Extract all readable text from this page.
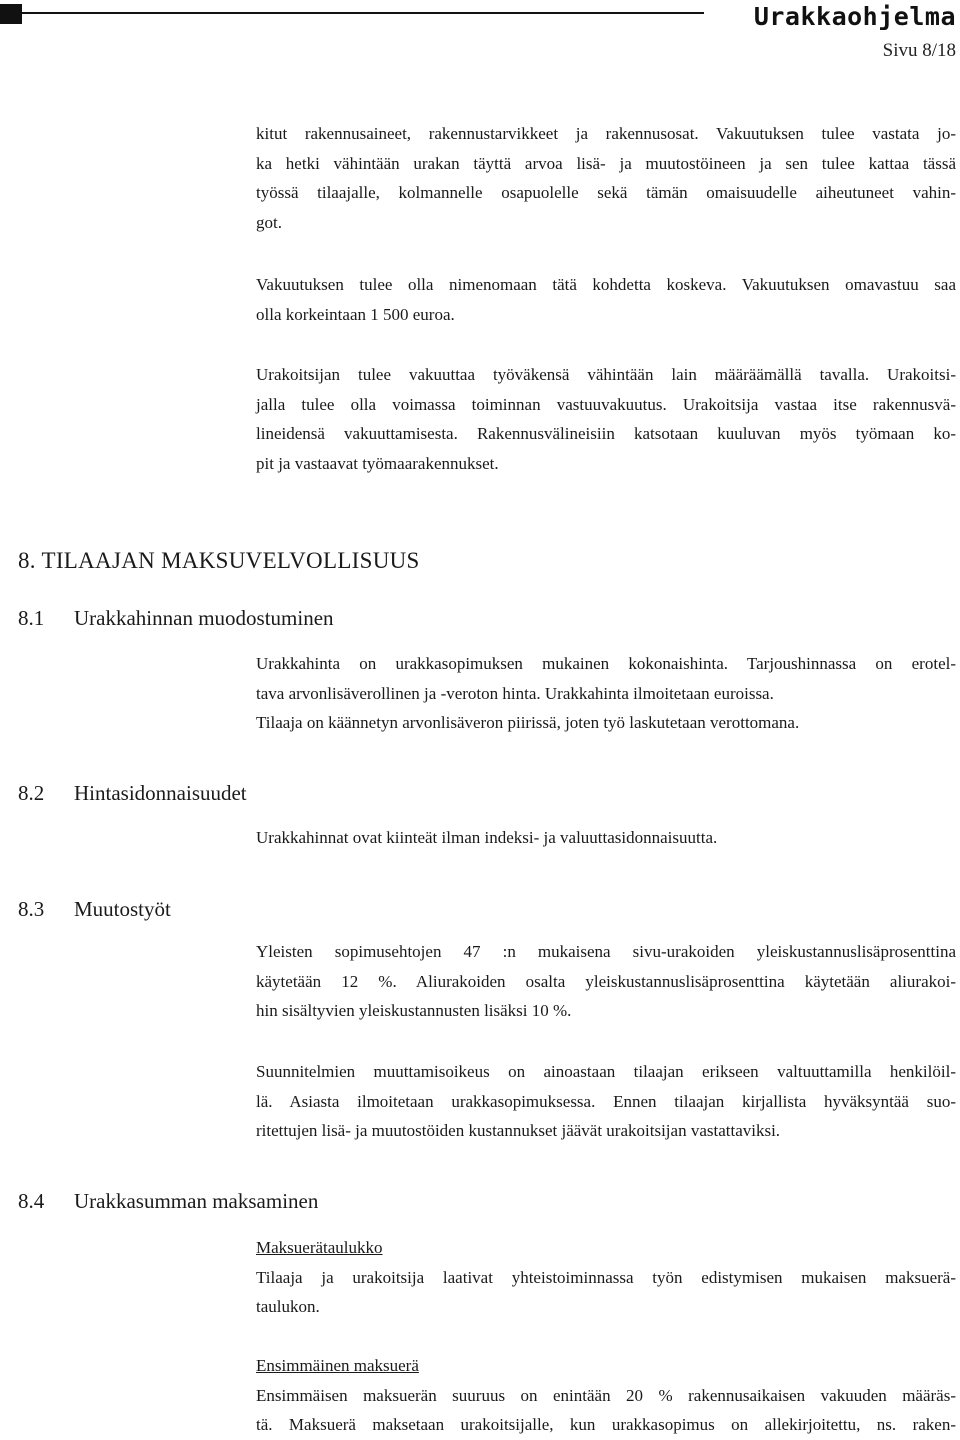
Urakkaohjelma
Sivu 8/18

kitut rakennusaineet, rakennustarvikkeet ja rakennusosat. Vakuutuksen tulee vastata jo-
ka hetki vähintään urakan täyttä arvoa lisä- ja muutostöineen ja sen tulee kattaa tässä
työssä tilaajalle, kolmannelle osapuolelle sekä tämän omaisuudelle aiheutuneet vahin-
got.

Vakuutuksen tulee olla nimenomaan tätä kohdetta koskeva. Vakuutuksen omavastuu saa
olla korkeintaan 1 500 euroa.

Urakoitsijan tulee vakuuttaa työväkensä vähintään lain määräämällä tavalla. Urakoitsi-
jalla tulee olla voimassa toiminnan vastuuvakuutus. Urakoitsija vastaa itse rakennusvä-
lineidensä vakuuttamisesta. Rakennusvälineisiin katsotaan kuuluvan myös työmaan ko-
pit ja vastaavat työmaarakennukset.

8. TILAAJAN MAKSUVELVOLLISUUS
8.1 Urakkahinnan muodostuminen

Urakkahinta on urakkasopimuksen mukainen kokonaishinta. Tarjoushinnassa on erotel-
tava arvonlisäverollinen ja -veroton hinta. Urakkahinta ilmoitetaan euroissa.
Tilaaja on käännetyn arvonlisäveron piirissä, joten työ laskutetaan verottomana.

8.2 Hintasidonnaisuudet

Urakkahinnat ovat kiinteät ilman indeksi- ja valuuttasidonnaisuutta.

8.3 Muutostyöt

Yleisten sopimusehtojen 47 :n mukaisena sivu-urakoiden yleiskustannuslisäprosenttina
käytetään 12 %. Aliurakoiden osalta yleiskustannuslisäprosenttina käytetään aliurakoi-
hin sisältyvien yleiskustannusten lisäksi 10 %.

Suunnitelmien muuttamisoikeus on ainoastaan tilaajan erikseen valtuuttamilla henkilöil-
lä. Asiasta ilmoitetaan urakkasopimuksessa. Ennen tilaajan kirjallista hyväksyntää suo-
ritettujen lisä- ja muutostöiden kustannukset jäävät urakoitsijan vastattaviksi.

8.4 Urakkasumman maksaminen

Maksuerätaulukko
Tilaaja ja urakoitsija laativat yhteistoiminnassa työn edistymisen mukaisen maksuerä-
taulukon.

Ensimmäinen maksuerä
Ensimmäisen maksuerän suuruus on enintään 20 % rakennusaikaisen vakuuden määräs-
tä. Maksuerä maksetaan urakoitsijalle, kun urakkasopimus on allekirjoitettu, ns. raken-
